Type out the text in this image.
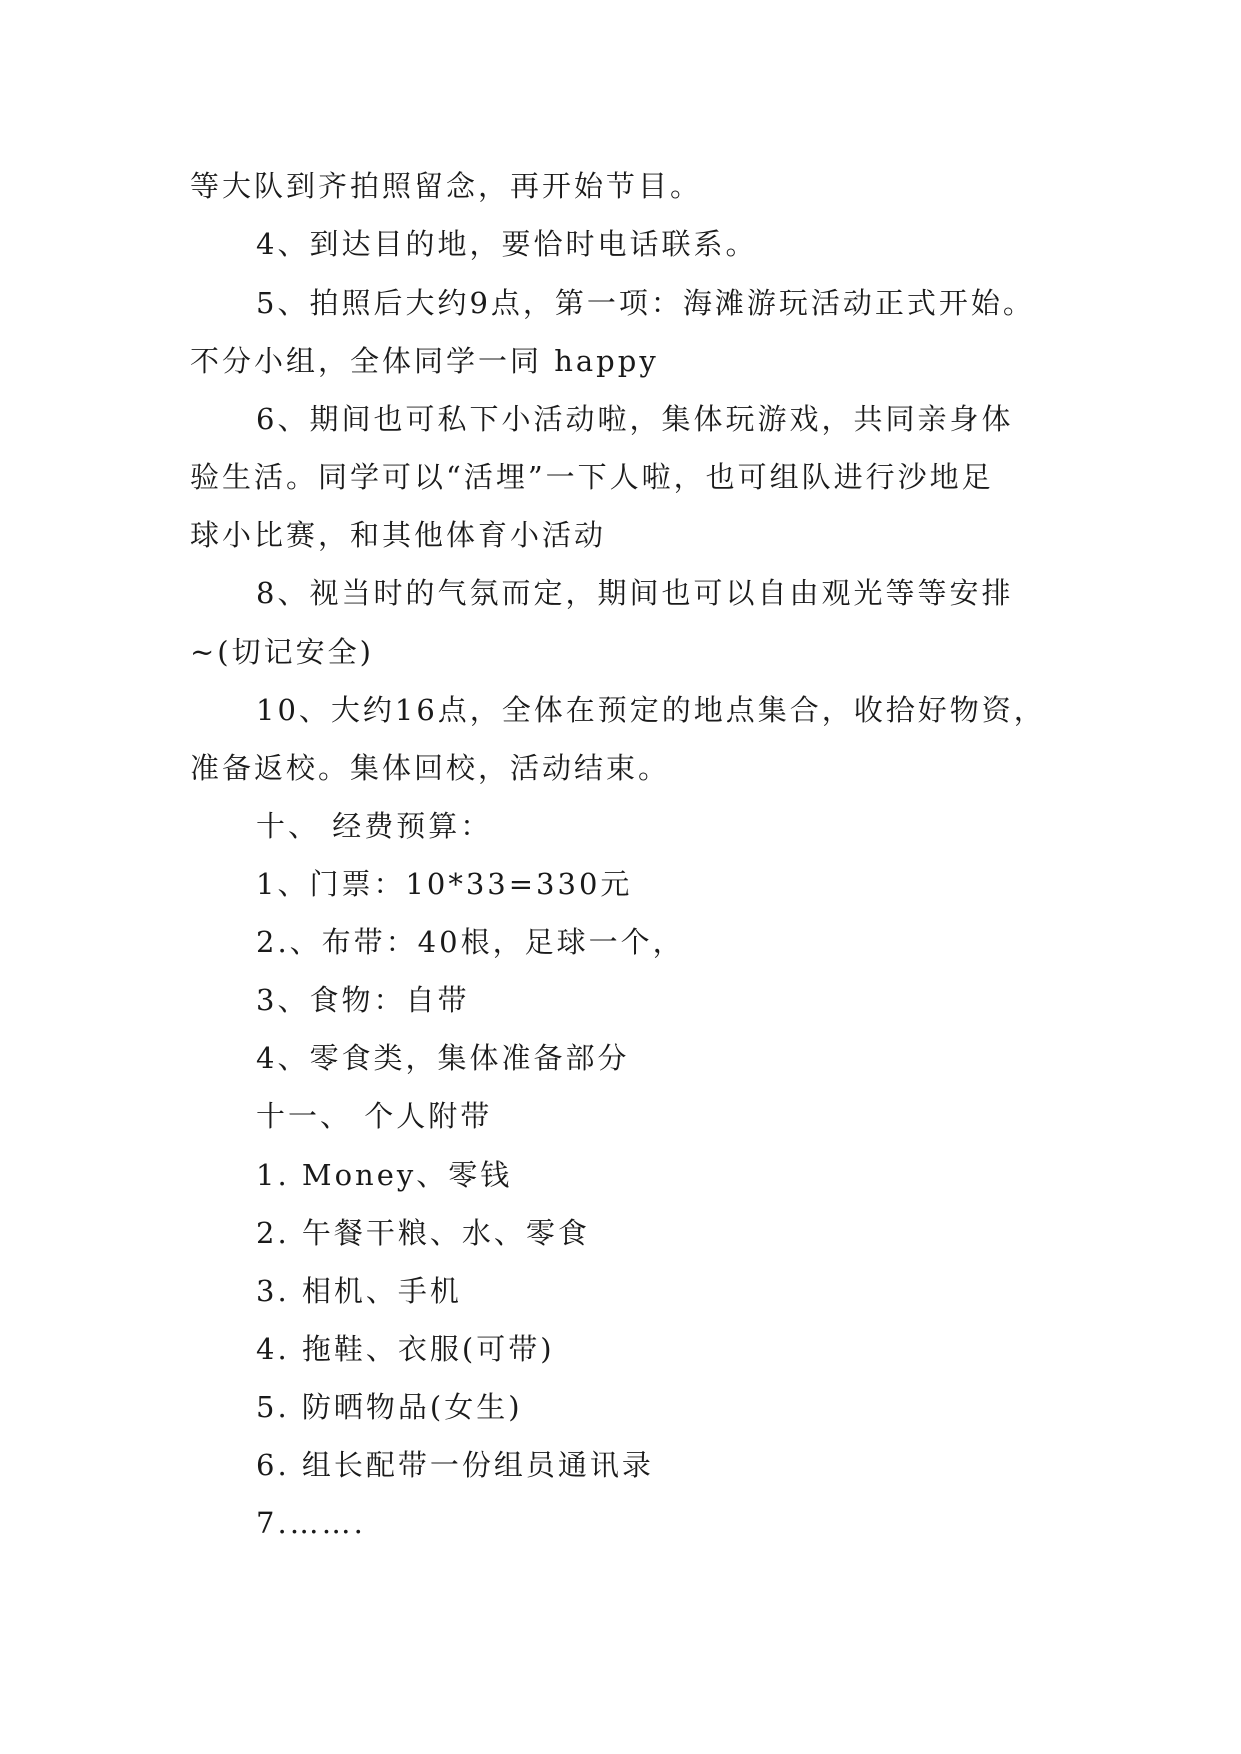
等大队到齐拍照留念，再开始节目。
4、到达目的地，要恰时电话联系。
5、拍照后大约9点，第一项：海滩游玩活动正式开始。
不分小组，全体同学一同 happy
6、期间也可私下小活动啦，集体玩游戏，共同亲身体
验生活。同学可以“活埋”一下人啦，也可组队进行沙地足
球小比赛，和其他体育小活动
8、视当时的气氛而定，期间也可以自由观光等等安排
~(切记安全)
10、大约16点，全体在预定的地点集合，收拾好物资，
准备返校。集体回校，活动结束。
十、 经费预算：
1、门票：10*33=330元
2.、布带：40根，足球一个，
3、食物：自带
4、零食类，集体准备部分
十一、 个人附带
1. Money、零钱
2. 午餐干粮、水、零食
3. 相机、手机
4. 拖鞋、衣服(可带)
5. 防晒物品(女生)
6. 组长配带一份组员通讯录
7.…….
